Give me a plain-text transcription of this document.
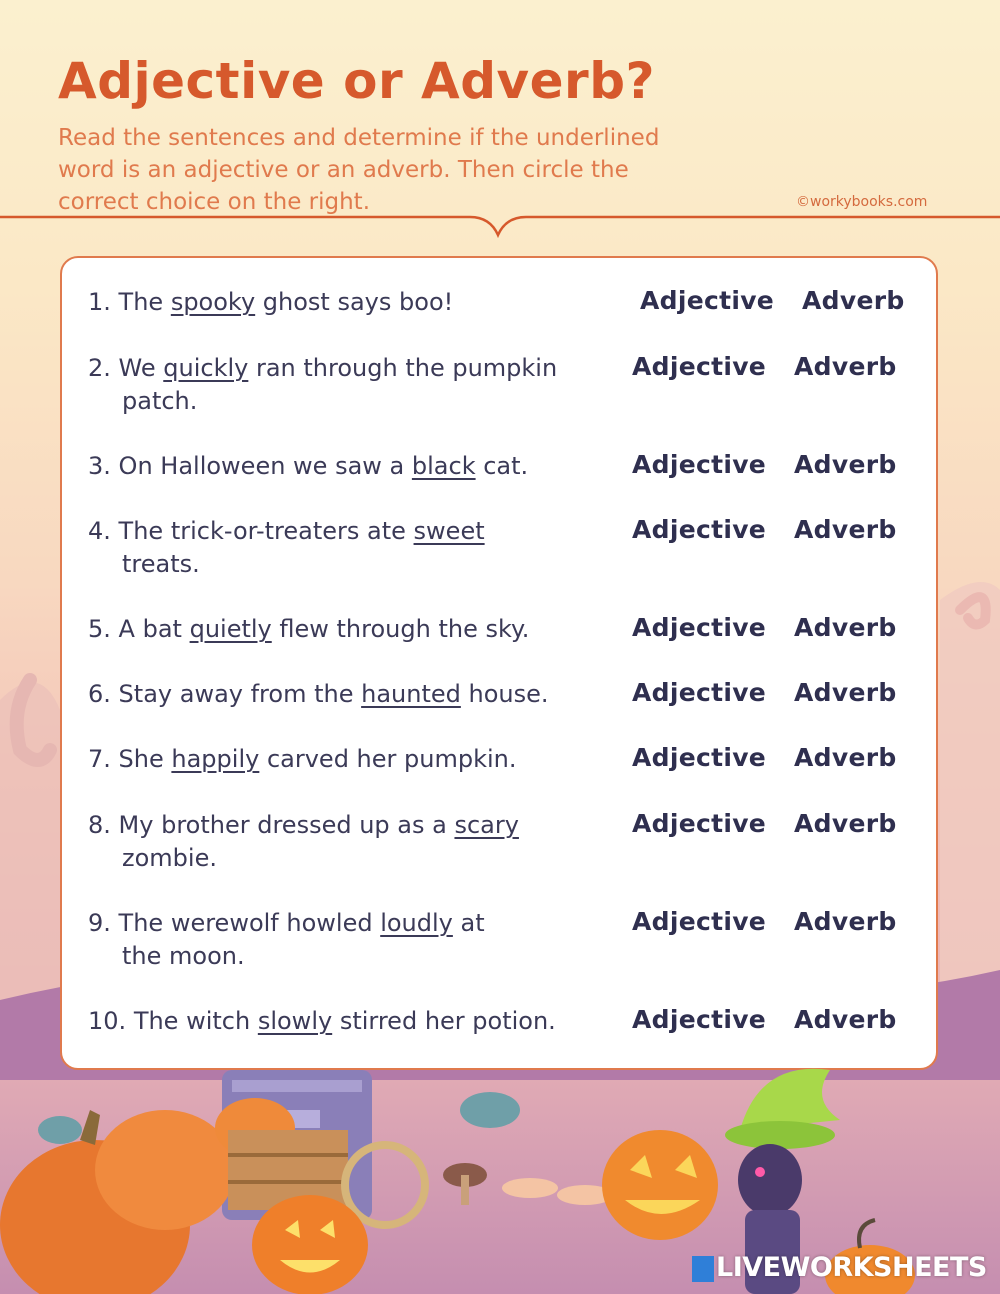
Adjective or Adverb?

Read the sentences and determine if the underlined
word is an adjective or an adverb. Then circle the
correct choice on the right.	©workybooks.com

1. The spooky ghost says boo!	Adjective Adverb
2. We quickly ran through the pumpkin
patch.
Adjective Adverb
3. On Halloween we saw a black cat.	Adjective Adverb
4. The trick-or-treaters ate sweet
treats.
Adjective Adverb
5. A bat quietly flew through the sky.	Adjective Adverb
6. Stay away from the haunted house.	Adjective Adverb
7. She happily carved her pumpkin.	Adjective Adverb
8. My brother dressed up as a scary
zombie.
Adjective Adverb
9. The werewolf howled loudly at
the moon.
Adjective Adverb
10. The witch slowly stirred her potion.	Adjective Adverb
LIVEWORKSHEETS
